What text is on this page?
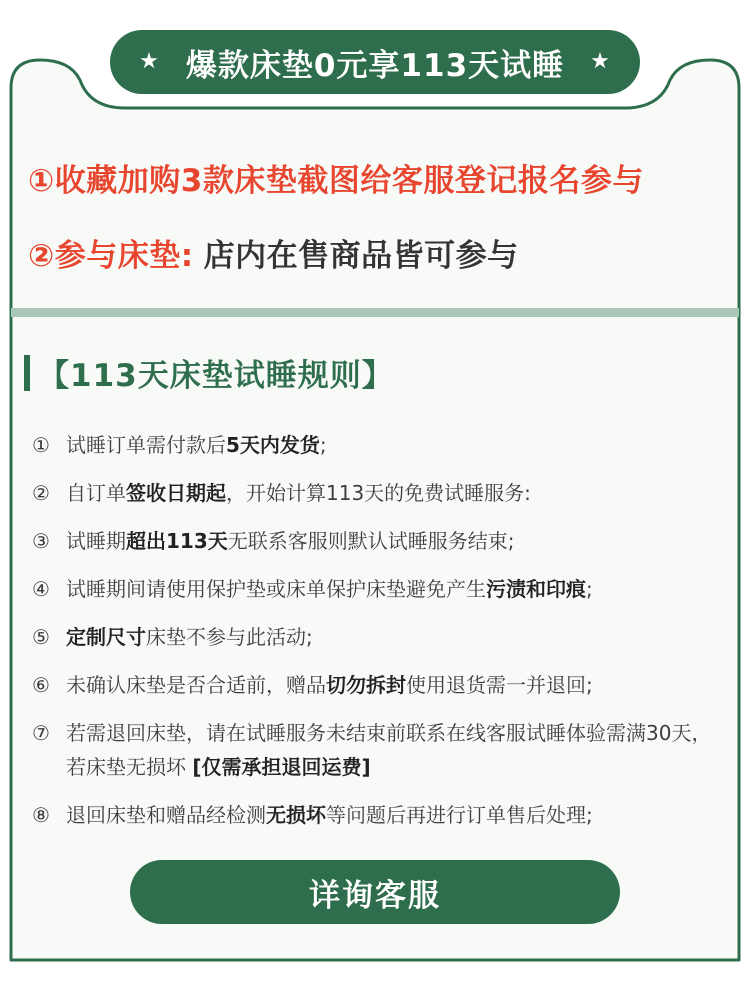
★ 爆款床垫0元享113天试睡 ★
①收藏加购3款床垫截图给客服登记报名参与
②参与床垫: 店内在售商品皆可参与
【113天床垫试睡规则】
① 试睡订单需付款后5天内发货;
② 自订单签收日期起，开始计算113天的免费试睡服务:
③ 试睡期超出113天无联系客服则默认试睡服务结束;
④ 试睡期间请使用保护垫或床单保护床垫避免产生污渍和印痕;
⑤ 定制尺寸床垫不参与此活动;
⑥ 未确认床垫是否合适前，赠品切勿拆封使用退货需一并退回;
⑦ 若需退回床垫，请在试睡服务未结束前联系在线客服试睡体验需满30天，若床垫无损坏 [仅需承担退回运费]
⑧ 退回床垫和赠品经检测无损坏等问题后再进行订单售后处理;
详询客服
